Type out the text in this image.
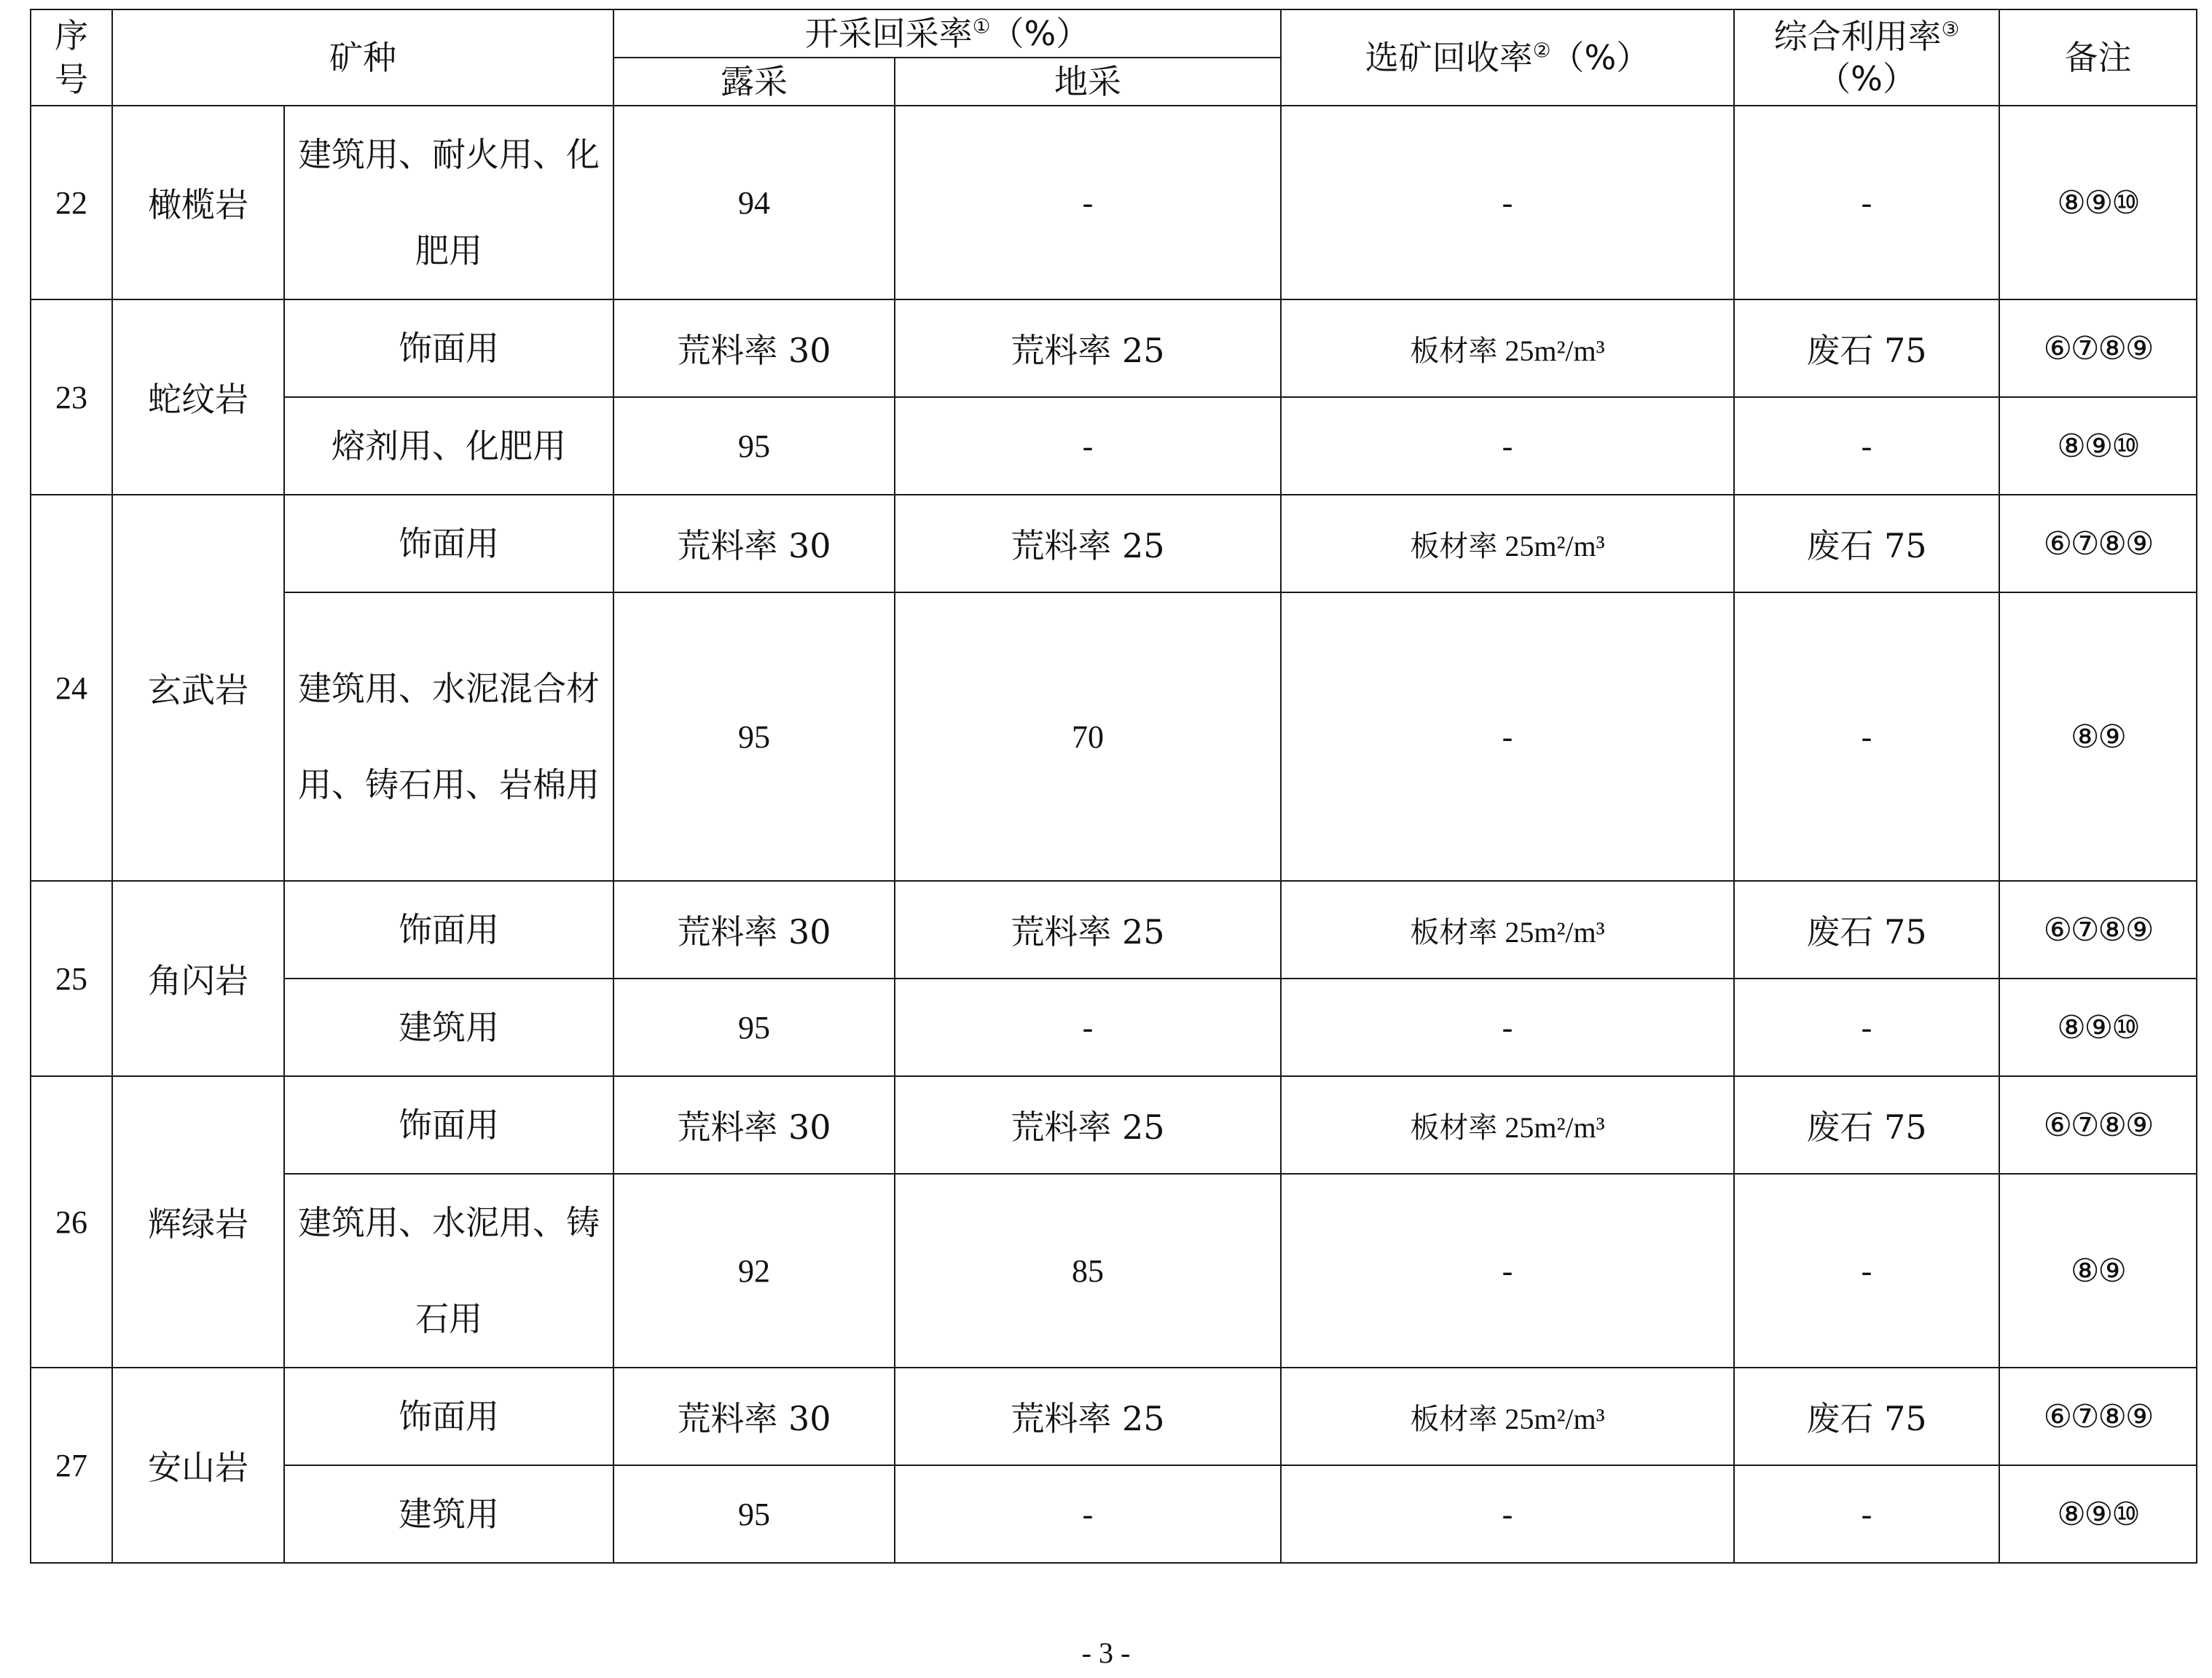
序号	矿种		开采回采率①（%）		选矿回收率②（%）	综合利用率③
（%）	备注
			露采	地采			
22	橄榄岩	建筑用、耐火用、化肥用	94	-	-	-	⑧⑨⑩
23	蛇纹岩	饰面用	荒料率 30	荒料率 25	板材率 25m²/m³	废石 75	⑥⑦⑧⑨
		熔剂用、化肥用	95	-	-	-	⑧⑨⑩
24	玄武岩	饰面用	荒料率 30	荒料率 25	板材率 25m²/m³	废石 75	⑥⑦⑧⑨
		建筑用、水泥混合材用、铸石用、岩棉用	95	70	-	-	⑧⑨
25	角闪岩	饰面用	荒料率 30	荒料率 25	板材率 25m²/m³	废石 75	⑥⑦⑧⑨
		建筑用	95	-	-	-	⑧⑨⑩
26	辉绿岩	饰面用	荒料率 30	荒料率 25	板材率 25m²/m³	废石 75	⑥⑦⑧⑨
		建筑用、水泥用、铸石用	92	85	-	-	⑧⑨
27	安山岩	饰面用	荒料率 30	荒料率 25	板材率 25m²/m³	废石 75	⑥⑦⑧⑨
		建筑用	95	-	-	-	⑧⑨⑩
- 3 -
